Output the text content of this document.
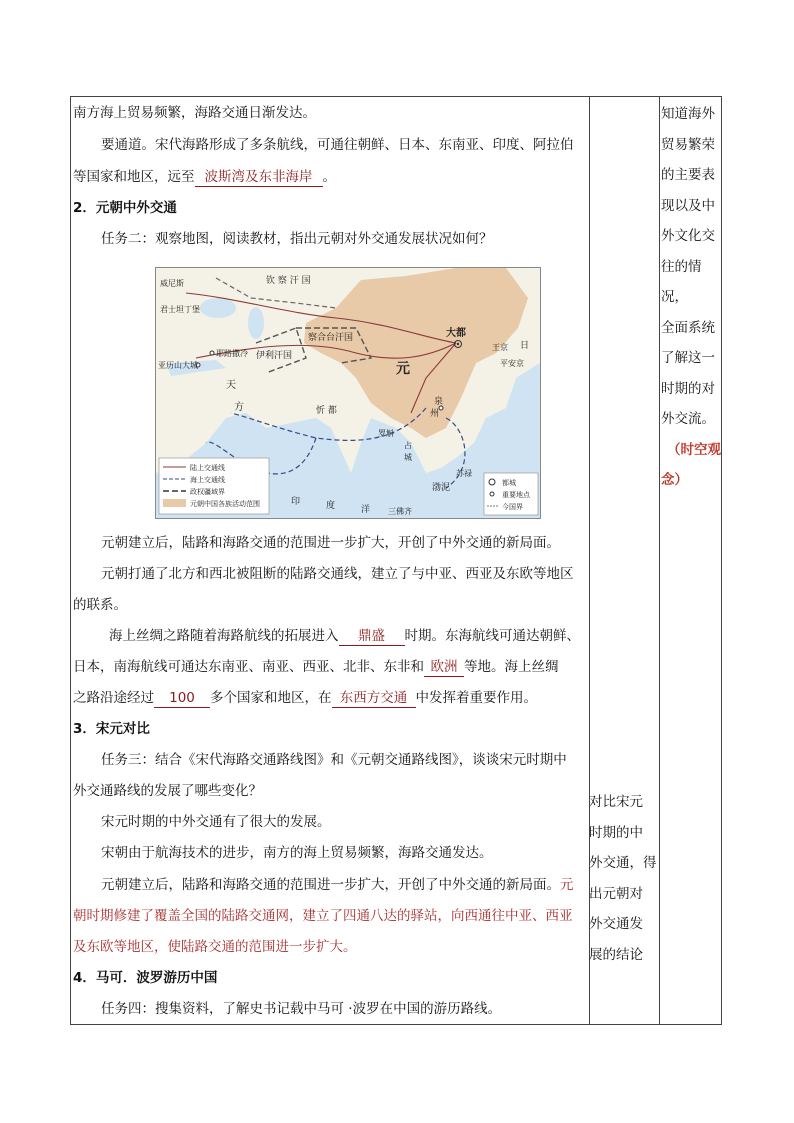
南方海上贸易频繁，海路交通日渐发达。
要通道。宋代海路形成了多条航线，可通往朝鲜、日本、东南亚、印度、阿拉伯
等国家和地区，远至 波斯湾及东非海岸 。
2．元朝中外交通
任务二：观察地图，阅读教材，指出元朝对外交通发展状况如何？
元朝建立后，陆路和海路交通的范围进一步扩大，开创了中外交通的新局面。
元朝打通了北方和西北被阻断的陆路交通线，建立了与中亚、西亚及东欧等地区
的联系。
海上丝绸之路随着海路航线的拓展进入 鼎盛 时期。东海航线可通达朝鲜、
日本，南海航线可通达东南亚、南亚、西亚、北非、东非和 欧洲 等地。海上丝绸
之路沿途经过 100 多个国家和地区，在 东西方交通 中发挥着重要作用。
3．宋元对比
任务三：结合《宋代海路交通路线图》和《元朝交通路线图》，谈谈宋元时期中
外交通路线的发展了哪些变化？
宋元时期的中外交通有了很大的发展。
宋朝由于航海技术的进步，南方的海上贸易频繁，海路交通发达。
元朝建立后，陆路和海路交通的范围进一步扩大，开创了中外交通的新局面。元
朝时期修建了覆盖全国的陆路交通网，建立了四通八达的驿站，向西通往中亚、西亚
及东欧等地区，使陆路交通的范围进一步扩大。
4．马可．波罗游历中国
任务四：搜集资料，了解史书记载中马可 ·波罗在中国的游历路线。
威尼斯
君士坦丁堡
钦 察 汗 国
察合台汗国
伊利汗国
耶路撒冷
亚历山大城
天
方	忻 都
大都
元
王京 日
平安京
泉
州
占
城
罗斛
渤泥
苏禄
三佛齐
印	度	洋
陆上交通线
海上交通线
政权疆域界
元朝中国各族活动范围
都城
重要地点
今国界
对比宋元
时期的中
外交通，得
出元朝对
外交通发
展的结论
知道海外
贸易繁荣
的主要表
现以及中
外文化交
往的情况，
全面系统
了解这一
时期的对
外交流。
（时空观
念）
